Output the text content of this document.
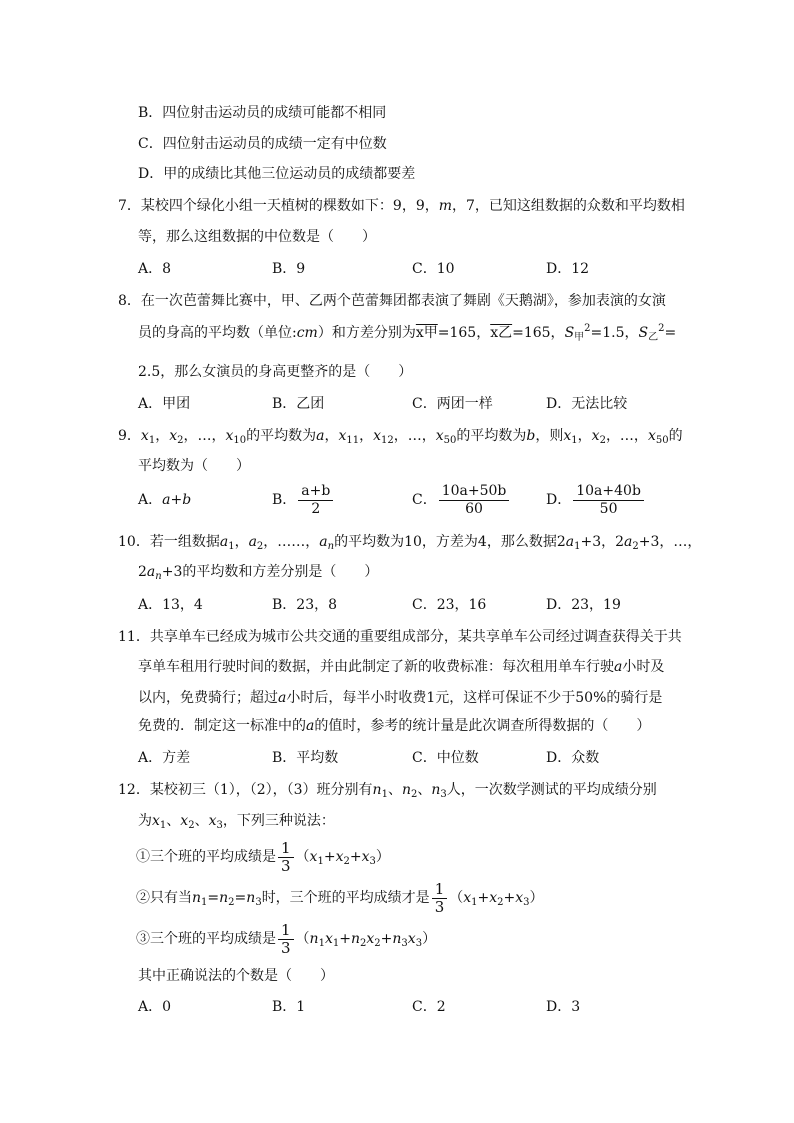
B．四位射击运动员的成绩可能都不相同
C．四位射击运动员的成绩一定有中位数
D．甲的成绩比其他三位运动员的成绩都要差
7．某校四个绿化小组一天植树的棵数如下：9，9，m，7，已知这组数据的众数和平均数相
等，那么这组数据的中位数是（　　）
A．8	B．9	C．10	D．12
8．在一次芭蕾舞比赛中，甲、乙两个芭蕾舞团都表演了舞剧《天鹅湖》，参加表演的女演
员的身高的平均数（单位:cm）和方差分别为x甲=165，x乙=165，$S_甲^2=1.5$，$S_乙^2=$
2.5，那么女演员的身高更整齐的是（　　）
A．甲团	B．乙团	C．两团一样	D．无法比较
9．$x_1$，$x_2$，…，$x_{10}$的平均数为a，$x_{11}$，$x_{12}$，…，$x_{50}$的平均数为b，则$x_1$，$x_2$，…，$x_{50}$的
平均数为（　　）
A．a+b	B． $\frac{a+b}{2}$	C． $\frac{10a+50b}{60}$	D． $\frac{10a+40b}{50}$
10．若一组数据$a_1$，$a_2$，……，$a_n$的平均数为10，方差为4，那么数据$2a_1+3$，$2a_2+3$，…，
$2a_n+3$的平均数和方差分别是（　　）
A．13，4	B．23，8	C．23，16	D．23，19
11．共享单车已经成为城市公共交通的重要组成部分，某共享单车公司经过调查获得关于共
享单车租用行驶时间的数据，并由此制定了新的收费标准：每次租用单车行驶a小时及
以内，免费骑行；超过a小时后，每半小时收费1元，这样可保证不少于50%的骑行是
免费的．制定这一标准中的a的值时，参考的统计量是此次调查所得数据的（　　）
A．方差	B．平均数	C．中位数	D．众数
12．某校初三（1），（2），（3）班分别有$n_1$、$n_2$、$n_3$人，一次数学测试的平均成绩分别
为$x_1$、$x_2$、$x_3$，下列三种说法：
①三个班的平均成绩是 $\frac{1}{3} (x_1+x_2+x_3)$
②只有当$n_1=n_2=n_3$时，三个班的平均成绩才是 $\frac{1}{3} (x_1+x_2+x_3)$
③三个班的平均成绩是 $\frac{1}{3} (n_1x_1+n_2x_2+n_3x_3)$
其中正确说法的个数是（　　）
A．0	B．1	C．2	D．3
